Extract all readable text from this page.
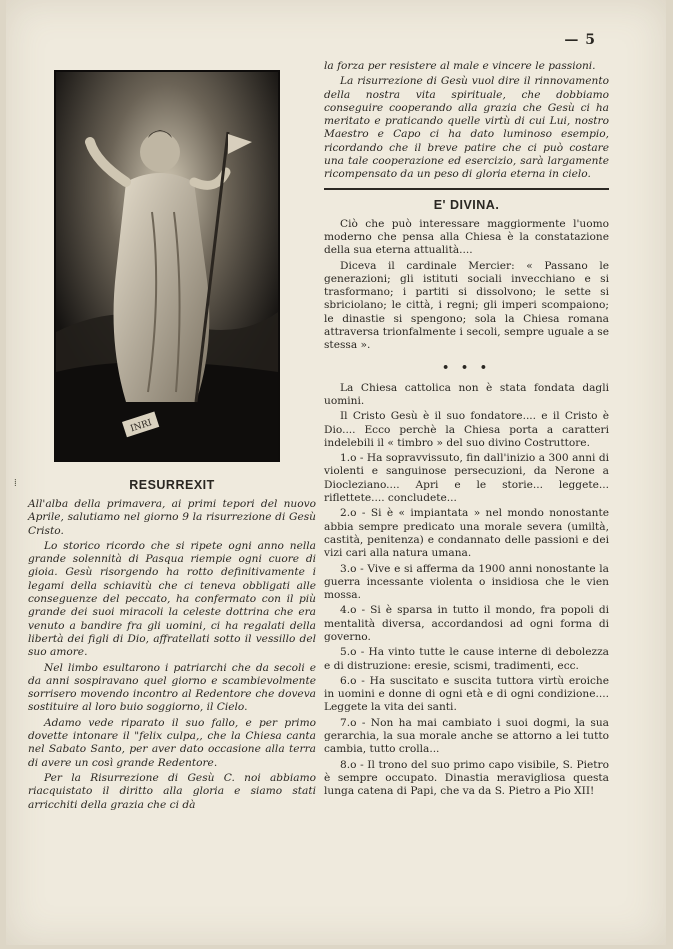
— 5
INRI
⁞	RESURREXIT

All'alba della primavera, ai primi tepori del nuovo Aprile, salutiamo nel giorno 9 la risurrezione di Gesù Cristo.

Lo storico ricordo che si ripete ogni anno nella grande solennità di Pasqua riempie ogni cuore di gioia. Gesù risorgendo ha rotto definitivamente i legami della schiavitù che ci teneva obbligati alle conseguenze del peccato, ha confermato con il più grande dei suoi miracoli la celeste dottrina che era venuto a bandire fra gli uomini, ci ha regalati della libertà dei figli di Dio, affratellati sotto il vessillo del suo amore.

Nel limbo esultarono i patriarchi che da secoli e da anni sospiravano quel giorno e scambievolmente sorrisero movendo incontro al Redentore che doveva sostituire al loro buio soggiorno, il Cielo.

Adamo vede riparato il suo fallo, e per primo dovette intonare il "felix culpa,, che la Chiesa canta nel Sabato Santo, per aver dato occasione alla terra di avere un così grande Redentore.

Per la Risurrezione di Gesù C. noi abbiamo riacquistato il diritto alla gloria e siamo stati arricchiti della grazia che ci dà

la forza per resistere al male e vincere le passioni.

La risurrezione di Gesù vuol dire il rinnovamento della nostra vita spirituale, che dobbiamo conseguire cooperando alla grazia che Gesù ci ha meritato e praticando quelle virtù di cui Lui, nostro Maestro e Capo ci ha dato luminoso esempio, ricordando che il breve patire che ci può costare una tale cooperazione ed esercizio, sarà largamente ricompensato da un peso di gloria eterna in cielo.

E' DIVINA.

Ciò che può interessare maggiormente l'uomo moderno che pensa alla Chiesa è la constatazione della sua eterna attualità....

Diceva il cardinale Mercier: « Passano le generazioni; gli istituti sociali invecchiano e si trasformano; i partiti si dissolvono; le sette si sbriciolano; le città, i regni; gli imperi scompaiono; le dinastie si spengono; sola la Chiesa romana attraversa trionfalmente i secoli, sempre uguale a se stessa ».

• • •

La Chiesa cattolica non è stata fondata dagli uomini.

Il Cristo Gesù è il suo fondatore.... e il Cristo è Dio.... Ecco perchè la Chiesa porta a caratteri indelebili il « timbro » del suo divino Costruttore.

1.o - Ha sopravvissuto, fin dall'inizio a 300 anni di violenti e sanguinose persecuzioni, da Nerone a Diocleziano.... Apri e le storie... leggete... riflettete.... concludete...

2.o - Si è « impiantata » nel mondo nonostante abbia sempre predicato una morale severa (umiltà, castità, penitenza) e condannato delle passioni e dei vizi cari alla natura umana.

3.o - Vive e si afferma da 1900 anni nonostante la guerra incessante violenta o insidiosa che le vien mossa.

4.o - Si è sparsa in tutto il mondo, fra popoli di mentalità diversa, accordandosi ad ogni forma di governo.

5.o - Ha vinto tutte le cause interne di debolezza e di distruzione: eresie, scismi, tradimenti, ecc.

6.o - Ha suscitato e suscita tuttora virtù eroiche in uomini e donne di ogni età e di ogni condizione.... Leggete la vita dei santi.

7.o - Non ha mai cambiato i suoi dogmi, la sua gerarchia, la sua morale anche se attorno a lei tutto cambia, tutto crolla...

8.o - Il trono del suo primo capo visibile, S. Pietro è sempre occupato. Dinastia meravigliosa questa lunga catena di Papi, che va da S. Pietro a Pio XII!
